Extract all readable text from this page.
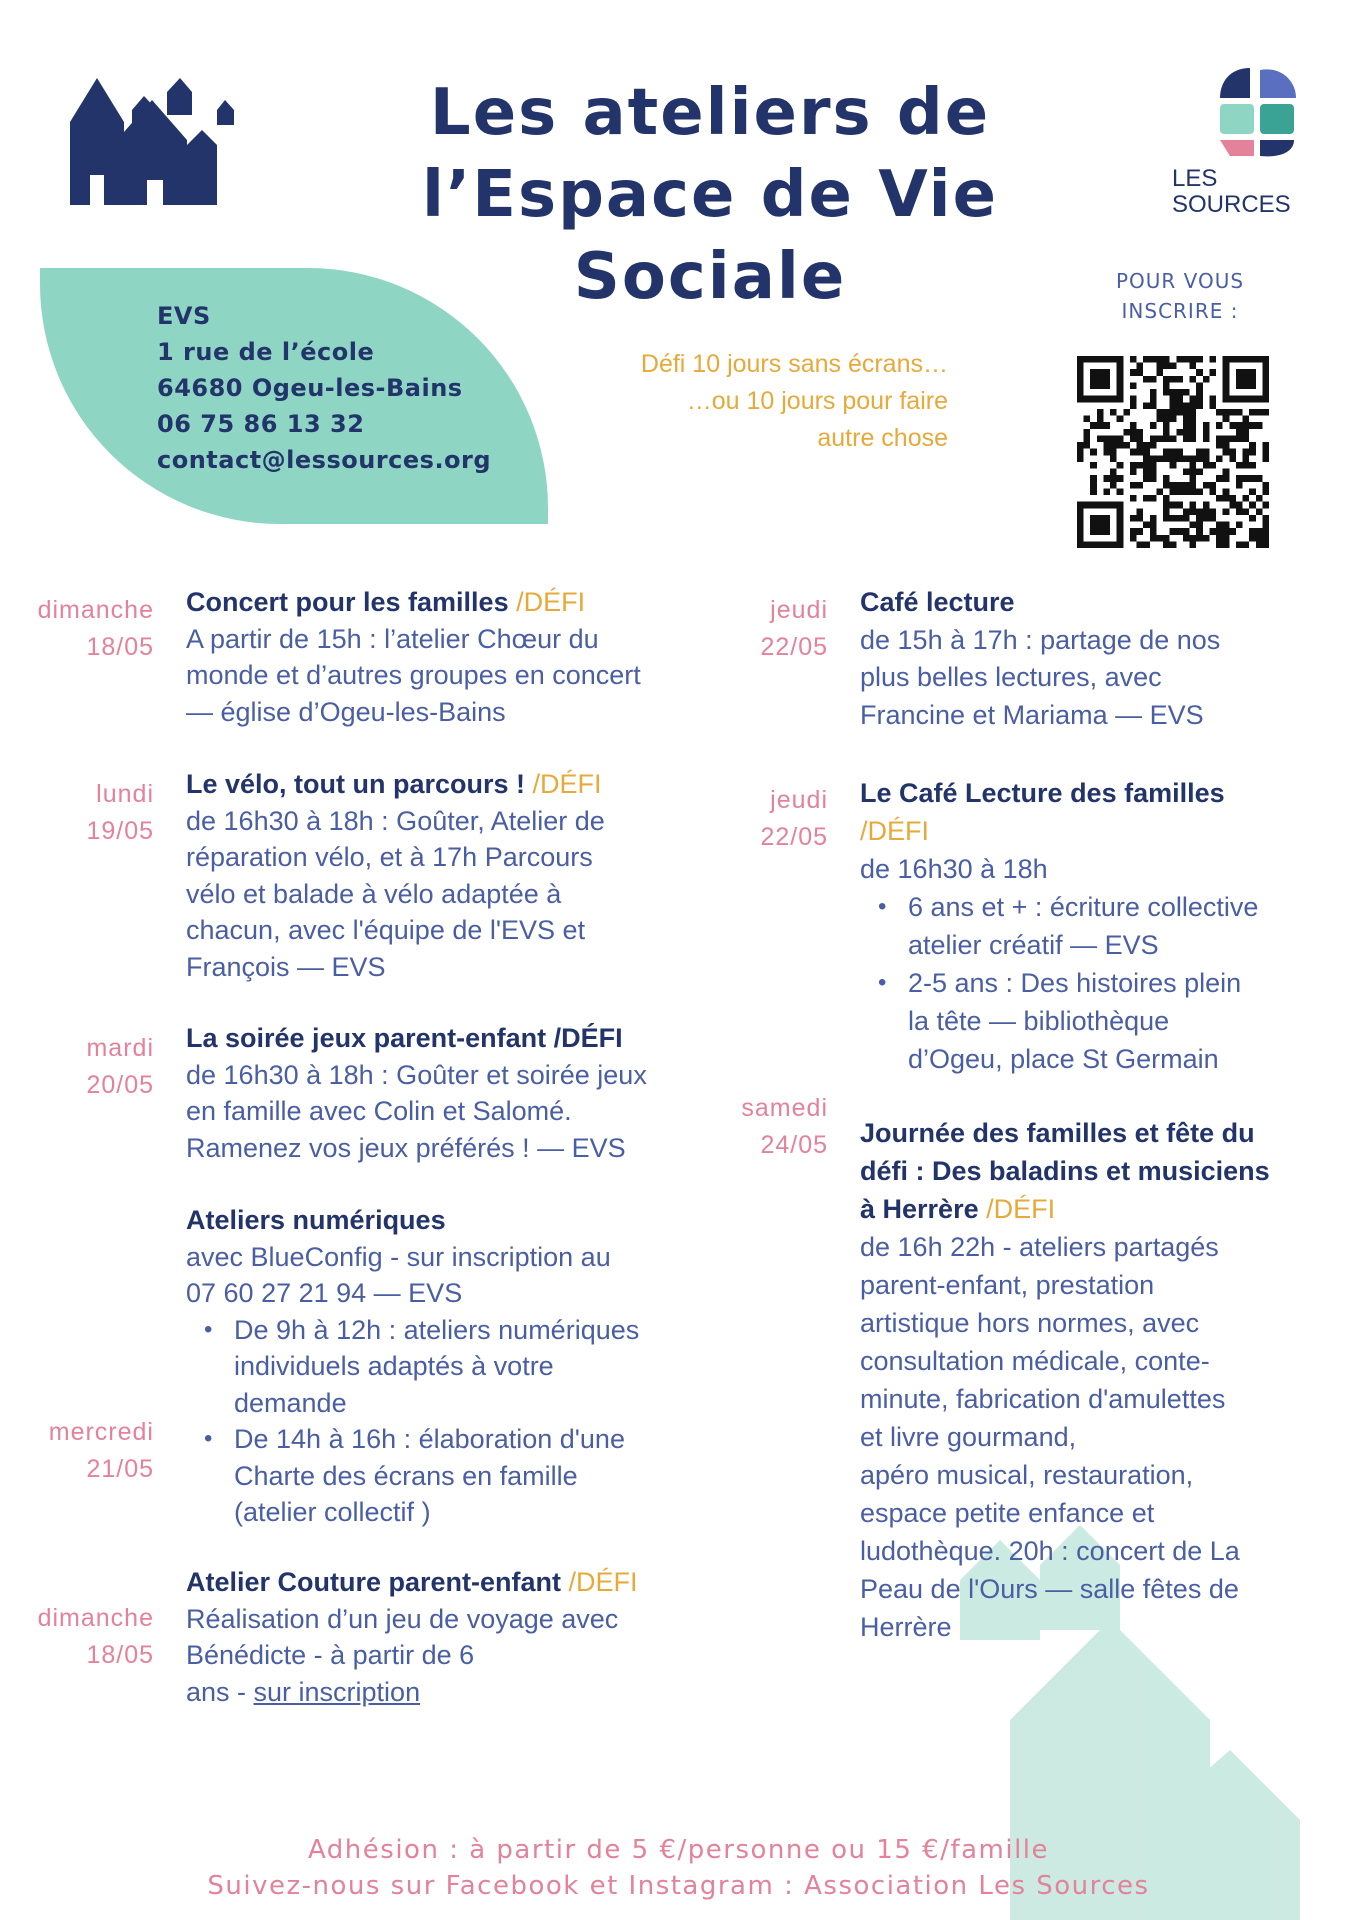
Les ateliers de
l’Espace de Vie Sociale
LES
SOURCES
EVS
1 rue de l’école
64680 Ogeu-les-Bains
06 75 86 13 32
contact@lessources.org
Défi 10 jours sans écrans…
…ou 10 jours pour faire
autre chose
POUR VOUS
INSCRIRE :
dimanche
18/05
Concert pour les familles /DÉFI
A partir de 15h : l’atelier Chœur du
monde et d’autres groupes en concert
— église d’Ogeu-les-Bains
lundi
19/05
Le vélo, tout un parcours ! /DÉFI
de 16h30 à 18h : Goûter, Atelier de
réparation vélo, et à 17h Parcours
vélo et balade à vélo adaptée à
chacun, avec l'équipe de l'EVS et
François — EVS
mardi
20/05
La soirée jeux parent-enfant /DÉFI
de 16h30 à 18h : Goûter et soirée jeux
en famille avec Colin et Salomé.
Ramenez vos jeux préférés ! — EVS
mercredi
21/05
Ateliers numériques
avec BlueConfig - sur inscription au
07 60 27 21 94 — EVS
• De 9h à 12h : ateliers numériques
individuels adaptés à votre
demande
• De 14h à 16h : élaboration d'une
Charte des écrans en famille
(atelier collectif )
dimanche
18/05
Atelier Couture parent-enfant /DÉFI
Réalisation d’un jeu de voyage avec
Bénédicte - à partir de 6
ans - sur inscription
jeudi
22/05
Café lecture
de 15h à 17h : partage de nos
plus belles lectures, avec
Francine et Mariama — EVS
jeudi
22/05
Le Café Lecture des familles
/DÉFI
de 16h30 à 18h
• 6 ans et + : écriture collective
atelier créatif — EVS
• 2-5 ans : Des histoires plein
la tête — bibliothèque
d’Ogeu, place St Germain
samedi
24/05 Journée des familles et fête du
défi : Des baladins et musiciens
à Herrère /DÉFI
de 16h 22h - ateliers partagés
parent-enfant, prestation
artistique hors normes, avec
consultation médicale, conte-
minute, fabrication d'amulettes
et livre gourmand,
apéro musical, restauration,
espace petite enfance et
ludothèque. 20h : concert de La
Peau de l'Ours — salle fêtes de
Herrère
Adhésion : à partir de 5 €/personne ou 15 €/famille
Suivez-nous sur Facebook et Instagram : Association Les Sources
